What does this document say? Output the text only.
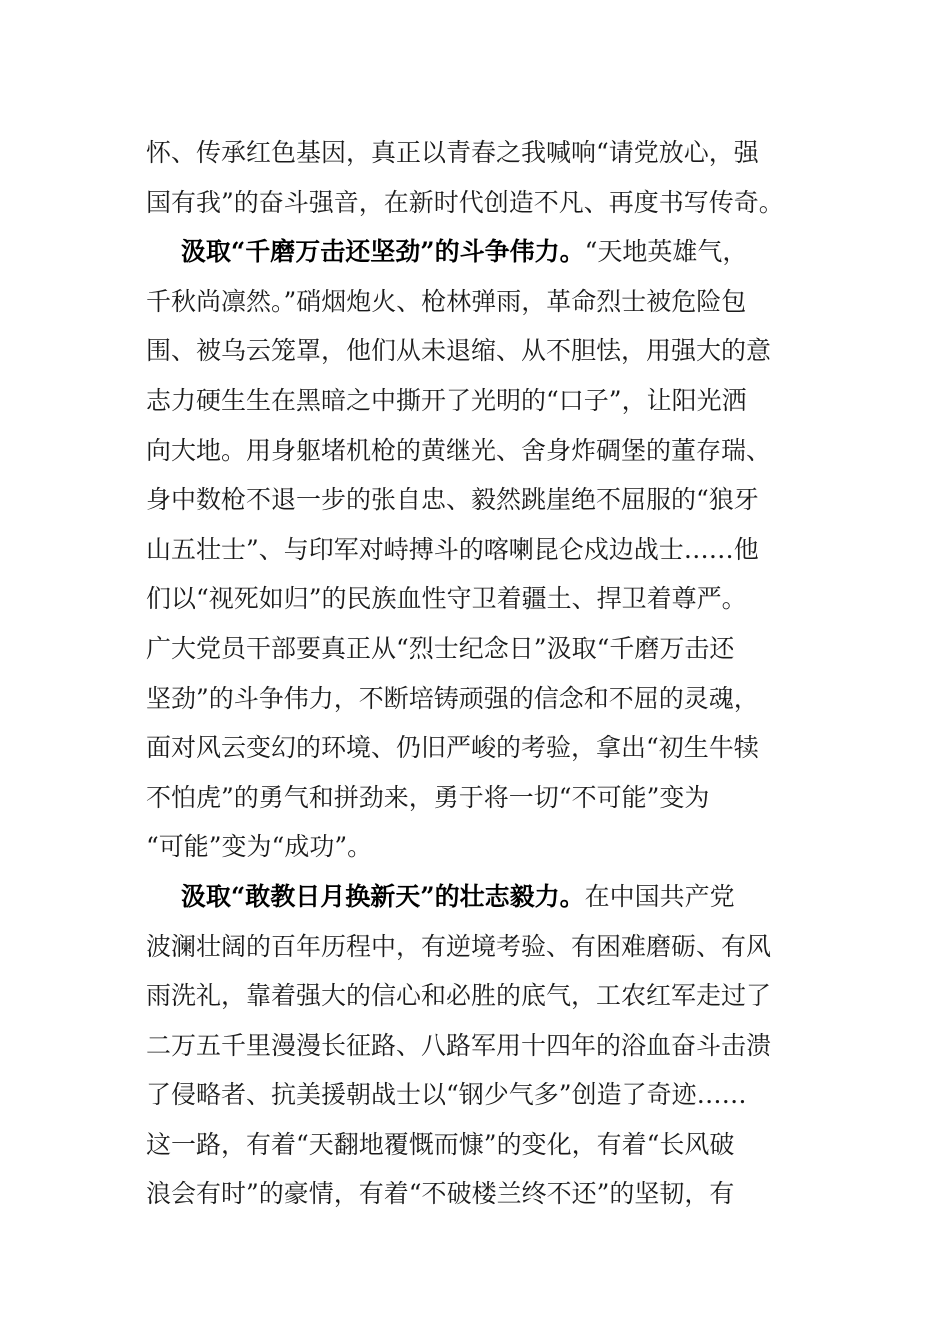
怀、传承红色基因，真正以青春之我喊响“请党放心，强
国有我”的奋斗强音，在新时代创造不凡、再度书写传奇。
汲取“千磨万击还坚劲”的斗争伟力。“天地英雄气，
千秋尚凛然。”硝烟炮火、枪林弹雨，革命烈士被危险包
围、被乌云笼罩，他们从未退缩、从不胆怯，用强大的意
志力硬生生在黑暗之中撕开了光明的“口子”，让阳光洒
向大地。用身躯堵机枪的黄继光、舍身炸碉堡的董存瑞、
身中数枪不退一步的张自忠、毅然跳崖绝不屈服的“狼牙
山五壮士”、与印军对峙搏斗的喀喇昆仑戍边战士……他
们以“视死如归”的民族血性守卫着疆土、捍卫着尊严。
广大党员干部要真正从“烈士纪念日”汲取“千磨万击还
坚劲”的斗争伟力，不断培铸顽强的信念和不屈的灵魂，
面对风云变幻的环境、仍旧严峻的考验，拿出“初生牛犊
不怕虎”的勇气和拼劲来，勇于将一切“不可能”变为
“可能”变为“成功”。
汲取“敢教日月换新天”的壮志毅力。在中国共产党
波澜壮阔的百年历程中，有逆境考验、有困难磨砺、有风
雨洗礼，靠着强大的信心和必胜的底气，工农红军走过了
二万五千里漫漫长征路、八路军用十四年的浴血奋斗击溃
了侵略者、抗美援朝战士以“钢少气多”创造了奇迹……
这一路，有着“天翻地覆慨而慷”的变化，有着“长风破
浪会有时”的豪情，有着“不破楼兰终不还”的坚韧，有
